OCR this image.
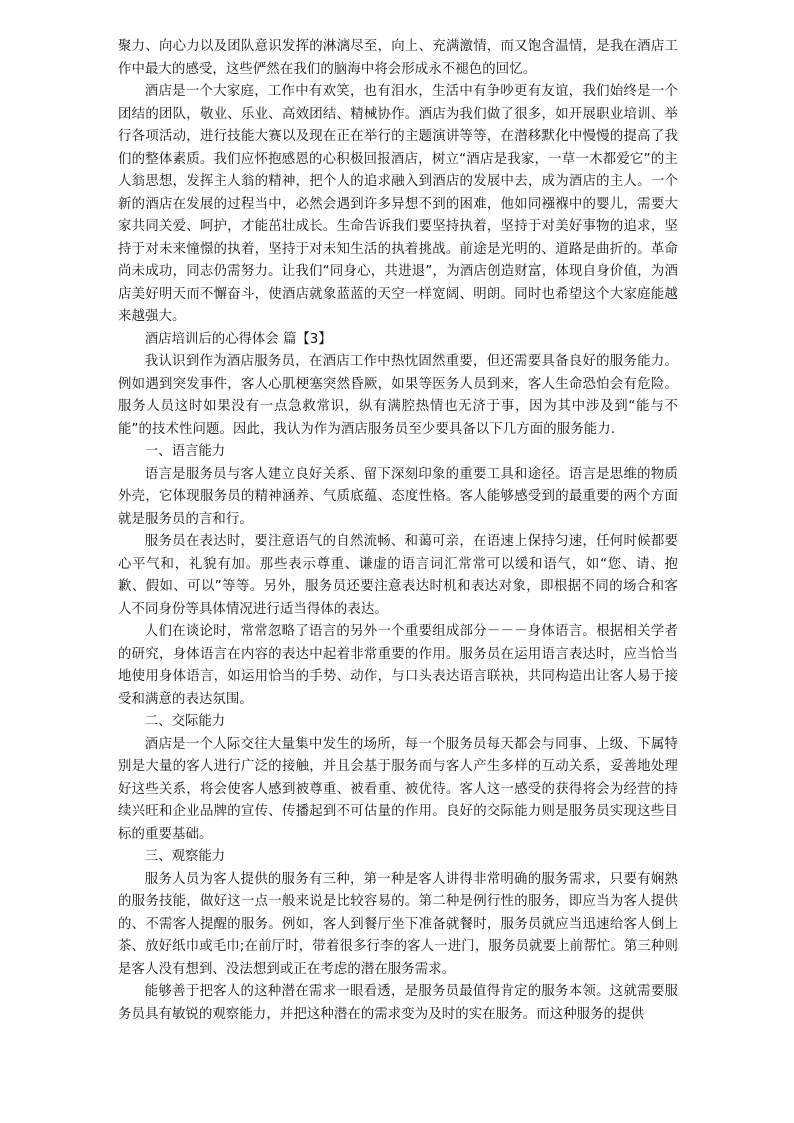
聚力、向心力以及团队意识发挥的淋漓尽至，向上、充满激情，而又饱含温情，是我在酒店工作中最大的感受，这些俨然在我们的脑海中将会形成永不褪色的回忆。

酒店是一个大家庭，工作中有欢笑，也有泪水，生活中有争吵更有友谊，我们始终是一个团结的团队，敬业、乐业、高效团结、精械协作。酒店为我们做了很多，如开展职业培训、举行各项活动，进行技能大赛以及现在正在举行的主题演讲等等，在潜移默化中慢慢的提高了我们的整体素质。我们应怀抱感恩的心积极回报酒店，树立“酒店是我家，一草一木都爱它”的主人翁思想，发挥主人翁的精神，把个人的追求融入到酒店的发展中去，成为酒店的主人。一个新的酒店在发展的过程当中，必然会遇到许多异想不到的困难，他如同襁褓中的婴儿，需要大家共同关爱、呵护，才能茁壮成长。生命告诉我们要坚持执着，坚持于对美好事物的追求，坚持于对未来憧憬的执着，坚持于对未知生活的执着挑战。前途是光明的、道路是曲折的。革命尚未成功，同志仍需努力。让我们“同身心，共进退”，为酒店创造财富，体现自身价值，为酒店美好明天而不懈奋斗，使酒店就象蓝蓝的天空一样宽阔、明朗。同时也希望这个大家庭能越来越强大。

酒店培训后的心得体会 篇【3】

我认识到作为酒店服务员，在酒店工作中热忱固然重要，但还需要具备良好的服务能力。例如遇到突发事件，客人心肌梗塞突然昏厥，如果等医务人员到来，客人生命恐怕会有危险。服务人员这时如果没有一点急救常识，纵有满腔热情也无济于事，因为其中涉及到“能与不能”的技术性问题。因此，我认为作为酒店服务员至少要具备以下几方面的服务能力.

一、语言能力

语言是服务员与客人建立良好关系、留下深刻印象的重要工具和途径。语言是思维的物质外壳，它体现服务员的精神涵养、气质底蕴、态度性格。客人能够感受到的最重要的两个方面就是服务员的言和行。

服务员在表达时，要注意语气的自然流畅、和蔼可亲，在语速上保持匀速，任何时候都要心平气和，礼貌有加。那些表示尊重、谦虚的语言词汇常常可以缓和语气，如“您、请、抱歉、假如、可以”等等。另外，服务员还要注意表达时机和表达对象，即根据不同的场合和客人不同身份等具体情况进行适当得体的表达。

人们在谈论时，常常忽略了语言的另外一个重要组成部分－－－身体语言。根据相关学者的研究，身体语言在内容的表达中起着非常重要的作用。服务员在运用语言表达时，应当恰当地使用身体语言，如运用恰当的手势、动作，与口头表达语言联袂，共同构造出让客人易于接受和满意的表达氛围。

二、交际能力

酒店是一个人际交往大量集中发生的场所，每一个服务员每天都会与同事、上级、下属特别是大量的客人进行广泛的接触，并且会基于服务而与客人产生多样的互动关系，妥善地处理好这些关系，将会使客人感到被尊重、被看重、被优待。客人这一感受的获得将会为经营的持续兴旺和企业品牌的宣传、传播起到不可估量的作用。良好的交际能力则是服务员实现这些目标的重要基础。

三、观察能力

服务人员为客人提供的服务有三种，第一种是客人讲得非常明确的服务需求，只要有娴熟的服务技能，做好这一点一般来说是比较容易的。第二种是例行性的服务，即应当为客人提供的、不需客人提醒的服务。例如，客人到餐厅坐下准备就餐时，服务员就应当迅速给客人倒上茶、放好纸巾或毛巾;在前厅时，带着很多行李的客人一进门，服务员就要上前帮忙。第三种则是客人没有想到、没法想到或正在考虑的潜在服务需求。

能够善于把客人的这种潜在需求一眼看透，是服务员最值得肯定的服务本领。这就需要服务员具有敏锐的观察能力，并把这种潜在的需求变为及时的实在服务。而这种服务的提供
